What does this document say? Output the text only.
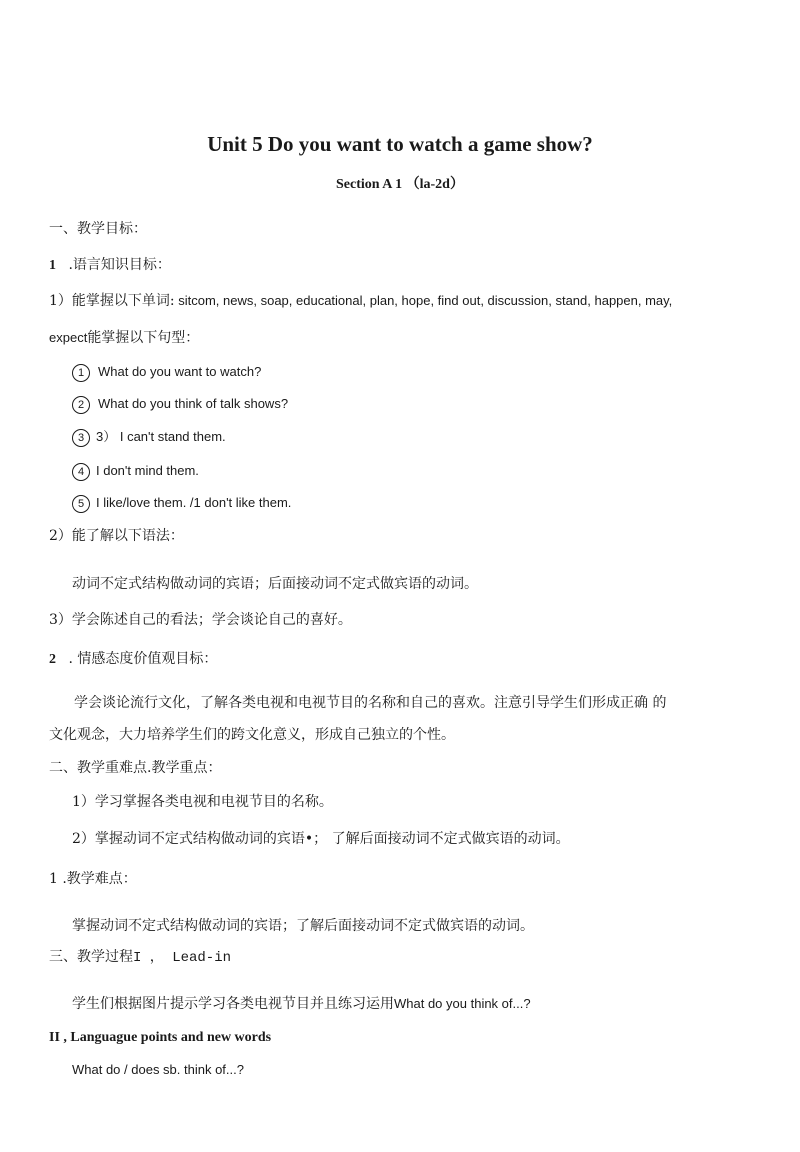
Unit 5 Do you want to watch a game show?
Section A 1 （la-2d）
一、教学目标：
1 .语言知识目标：
1）能掌握以下单词: sitcom, news, soap, educational, plan, hope, find out, discussion, stand, happen, may,
expect能掌握以下句型：
1 What do you want to watch?
2 What do you think of talk shows?
3 3） I can't stand them.
4 I don't mind them.
5 I like/love them. /1 don't like them.
2）能了解以下语法：
动词不定式结构做动词的宾语；后面接动词不定式做宾语的动词。
3）学会陈述自己的看法；学会谈论自己的喜好。
2 . 情感态度价值观目标：
学会谈论流行文化，了解各类电视和电视节目的名称和自己的喜欢。注意引导学生们形成正确 的
文化观念，大力培养学生们的跨文化意义，形成自己独立的个性。
二、教学重难点.教学重点：
1）学习掌握各类电视和电视节目的名称。
2）掌握动词不定式结构做动词的宾语•； 了解后面接动词不定式做宾语的动词。
1 .教学难点：
掌握动词不定式结构做动词的宾语；了解后面接动词不定式做宾语的动词。
三、教学过程I ， Lead-in
学生们根据图片提示学习各类电视节目并且练习运用What do you think of...?
II , Languague points and new words
What do / does sb. think of...?
